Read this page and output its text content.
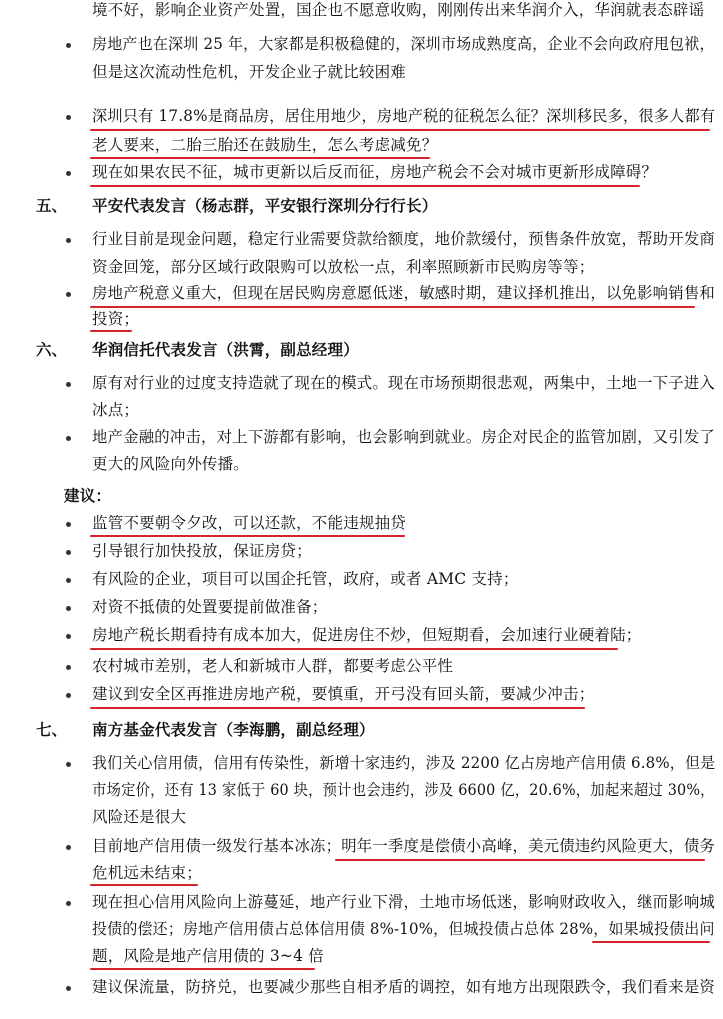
境不好，影响企业资产处置，国企也不愿意收购，刚刚传出来华润介入，华润就表态辟谣
房地产也在深圳 25 年，大家都是积极稳健的，深圳市场成熟度高，企业不会向政府甩包袱，
但是这次流动性危机，开发企业子就比较困难
深圳只有 17.8%是商品房，居住用地少，房地产税的征税怎么征？深圳移民多，很多人都有
老人要来，二胎三胎还在鼓励生，怎么考虑减免？
现在如果农民不征，城市更新以后反而征，房地产税会不会对城市更新形成障碍？
五、 平安代表发言（杨志群，平安银行深圳分行行长）
行业目前是现金问题，稳定行业需要贷款给额度，地价款缓付，预售条件放宽，帮助开发商
资金回笼，部分区域行政限购可以放松一点，利率照顾新市民购房等等；
房地产税意义重大，但现在居民购房意愿低迷，敏感时期，建议择机推出，以免影响销售和
投资；
六、 华润信托代表发言（洪霄，副总经理）
原有对行业的过度支持造就了现在的模式。现在市场预期很悲观，两集中，土地一下子进入
冰点；
地产金融的冲击，对上下游都有影响，也会影响到就业。房企对民企的监管加剧，又引发了
更大的风险向外传播。
建议：
监管不要朝令夕改，可以还款，不能违规抽贷
引导银行加快投放，保证房贷；
有风险的企业，项目可以国企托管，政府，或者 AMC 支持；
对资不抵债的处置要提前做准备；
房地产税长期看持有成本加大，促进房住不炒，但短期看，会加速行业硬着陆；
农村城市差别，老人和新城市人群，都要考虑公平性
建议到安全区再推进房地产税，要慎重，开弓没有回头箭，要减少冲击；
七、 南方基金代表发言（李海鹏，副总经理）
我们关心信用债，信用有传染性，新增十家违约，涉及 2200 亿占房地产信用债 6.8%，但是
市场定价，还有 13 家低于 60 块，预计也会违约，涉及 6600 亿，20.6%，加起来超过 30%，
风险还是很大
目前地产信用债一级发行基本冰冻；明年一季度是偿债小高峰，美元债违约风险更大，债务
危机远未结束；
现在担心信用风险向上游蔓延，地产行业下滑，土地市场低迷，影响财政收入，继而影响城
投债的偿还；房地产信用债占总体信用债 8%-10%，但城投债占总体 28%，如果城投债出问
题，风险是地产信用债的 3~4 倍
建议保流量，防挤兑，也要减少那些自相矛盾的调控，如有地方出现限跌令，我们看来是资
